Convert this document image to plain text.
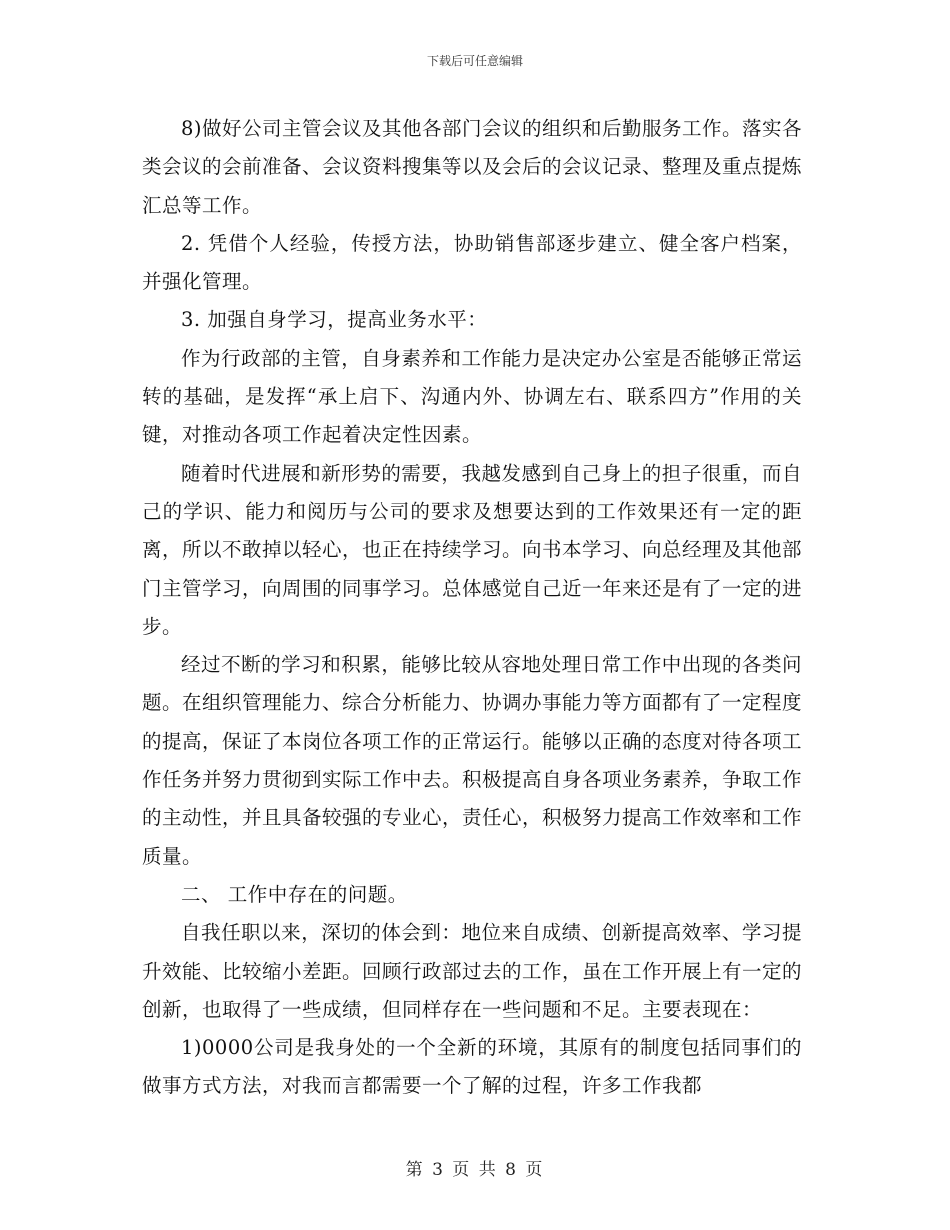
下载后可任意编辑

8)做好公司主管会议及其他各部门会议的组织和后勤服务工作。落实各类会议的会前准备、会议资料搜集等以及会后的会议记录、整理及重点提炼汇总等工作。

2. 凭借个人经验，传授方法，协助销售部逐步建立、健全客户档案，并强化管理。

3. 加强自身学习，提高业务水平：

作为行政部的主管，自身素养和工作能力是决定办公室是否能够正常运转的基础，是发挥“承上启下、沟通内外、协调左右、联系四方”作用的关键，对推动各项工作起着决定性因素。

随着时代进展和新形势的需要，我越发感到自己身上的担子很重，而自己的学识、能力和阅历与公司的要求及想要达到的工作效果还有一定的距离，所以不敢掉以轻心，也正在持续学习。向书本学习、向总经理及其他部门主管学习，向周围的同事学习。总体感觉自己近一年来还是有了一定的进步。

经过不断的学习和积累，能够比较从容地处理日常工作中出现的各类问题。在组织管理能力、综合分析能力、协调办事能力等方面都有了一定程度的提高，保证了本岗位各项工作的正常运行。能够以正确的态度对待各项工作任务并努力贯彻到实际工作中去。积极提高自身各项业务素养，争取工作的主动性，并且具备较强的专业心，责任心，积极努力提高工作效率和工作质量。

二、 工作中存在的问题。

自我任职以来，深切的体会到：地位来自成绩、创新提高效率、学习提升效能、比较缩小差距。回顾行政部过去的工作，虽在工作开展上有一定的创新，也取得了一些成绩，但同样存在一些问题和不足。主要表现在：

1)0000公司是我身处的一个全新的环境，其原有的制度包括同事们的做事方式方法，对我而言都需要一个了解的过程，许多工作我都

第 3 页 共 8 页
